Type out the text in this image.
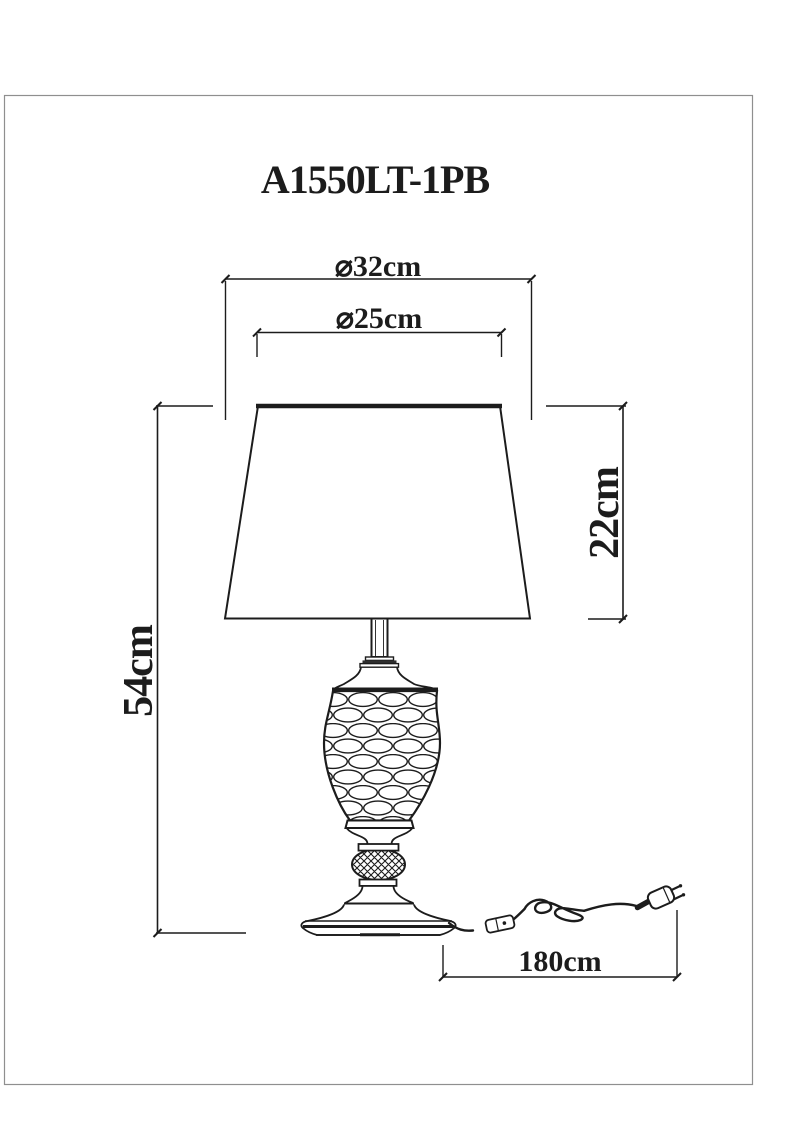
A1550LT-1PB
⌀32cm
⌀25cm
22cm
54cm
180cm
